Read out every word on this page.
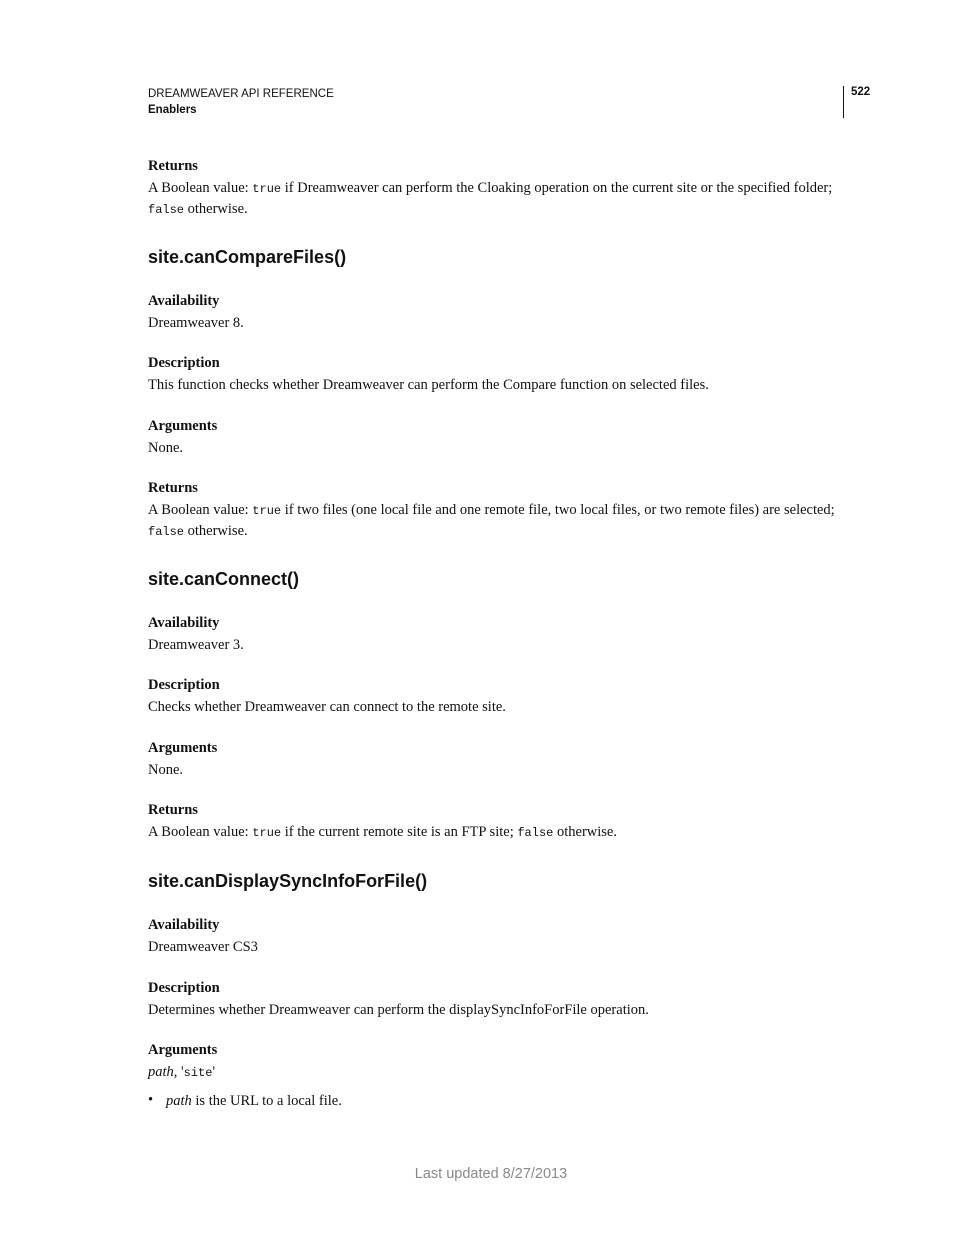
DREAMWEAVER API REFERENCE
Enablers
522
Returns
A Boolean value: true if Dreamweaver can perform the Cloaking operation on the current site or the specified folder;
false otherwise.
site.canCompareFiles()
Availability
Dreamweaver 8.
Description
This function checks whether Dreamweaver can perform the Compare function on selected files.
Arguments
None.
Returns
A Boolean value: true if two files (one local file and one remote file, two local files, or two remote files) are selected;
false otherwise.
site.canConnect()
Availability
Dreamweaver 3.
Description
Checks whether Dreamweaver can connect to the remote site.
Arguments
None.
Returns
A Boolean value: true if the current remote site is an FTP site; false otherwise.
site.canDisplaySyncInfoForFile()
Availability
Dreamweaver CS3
Description
Determines whether Dreamweaver can perform the displaySyncInfoForFile operation.
Arguments
path, 'site'
• path is the URL to a local file.
Last updated 8/27/2013
